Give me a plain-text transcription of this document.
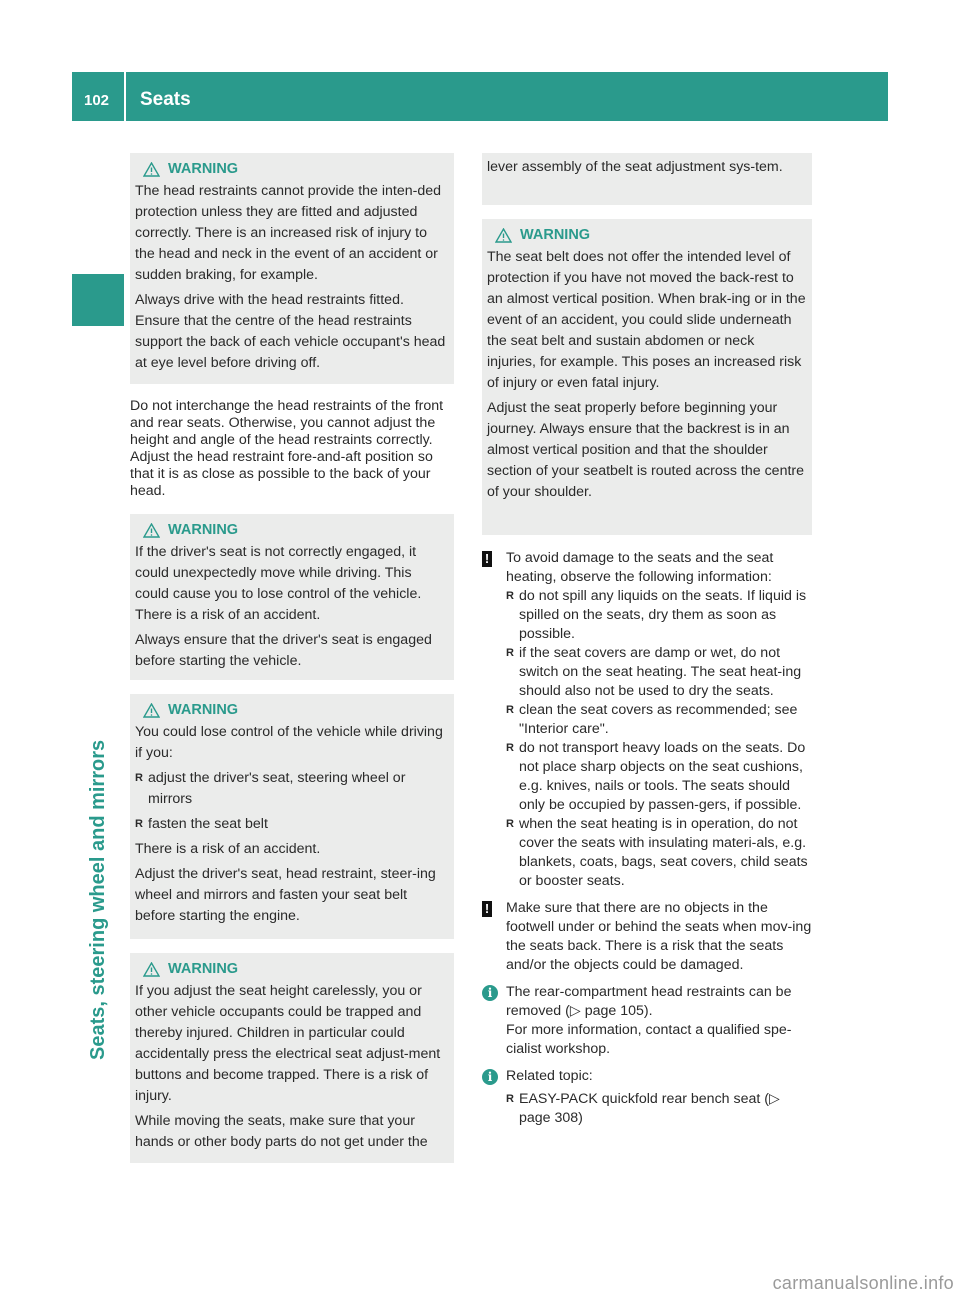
102 Seats
Seats, steering wheel and mirrors
WARNING

The head restraints cannot provide the inten-ded protection unless they are fitted and adjusted correctly. There is an increased risk of injury to the head and neck in the event of an accident or sudden braking, for example.

Always drive with the head restraints fitted. Ensure that the centre of the head restraints support the back of each vehicle occupant's head at eye level before driving off.

Do not interchange the head restraints of the front and rear seats. Otherwise, you cannot adjust the height and angle of the head restraints correctly.

Adjust the head restraint fore-and-aft position so that it is as close as possible to the back of your head.

WARNING

If the driver's seat is not correctly engaged, it could unexpectedly move while driving. This could cause you to lose control of the vehicle. There is a risk of an accident.

Always ensure that the driver's seat is engaged before starting the vehicle.

WARNING

You could lose control of the vehicle while driving if you:

R adjust the driver's seat, steering wheel or mirrors
R fasten the seat belt

There is a risk of an accident.

Adjust the driver's seat, head restraint, steer-ing wheel and mirrors and fasten your seat belt before starting the engine.

WARNING

If you adjust the seat height carelessly, you or other vehicle occupants could be trapped and thereby injured. Children in particular could accidentally press the electrical seat adjust-ment buttons and become trapped. There is a risk of injury.

While moving the seats, make sure that your hands or other body parts do not get under the

lever assembly of the seat adjustment sys-tem.

WARNING

The seat belt does not offer the intended level of protection if you have not moved the back-rest to an almost vertical position. When brak-ing or in the event of an accident, you could slide underneath the seat belt and sustain abdomen or neck injuries, for example. This poses an increased risk of injury or even fatal injury.

Adjust the seat properly before beginning your journey. Always ensure that the backrest is in an almost vertical position and that the shoulder section of your seatbelt is routed across the centre of your shoulder.

!	To avoid damage to the seats and the seat heating, observe the following information:

R do not spill any liquids on the seats. If liquid is spilled on the seats, dry them as soon as possible.
R if the seat covers are damp or wet, do not switch on the seat heating. The seat heat-ing should also not be used to dry the seats.
R clean the seat covers as recommended; see "Interior care".
R do not transport heavy loads on the seats. Do not place sharp objects on the seat cushions, e.g. knives, nails or tools. The seats should only be occupied by passen-gers, if possible.
R when the seat heating is in operation, do not cover the seats with insulating materi-als, e.g. blankets, coats, bags, seat covers, child seats or booster seats.
!	Make sure that there are no objects in the footwell under or behind the seats when mov-ing the seats back. There is a risk that the seats and/or the objects could be damaged.

i The rear-compartment head restraints can be removed (▷ page 105).

For more information, contact a qualified spe-cialist workshop.

i Related topic:

R EASY-PACK quickfold rear bench seat (▷ page 308)
carmanualsonline.info
